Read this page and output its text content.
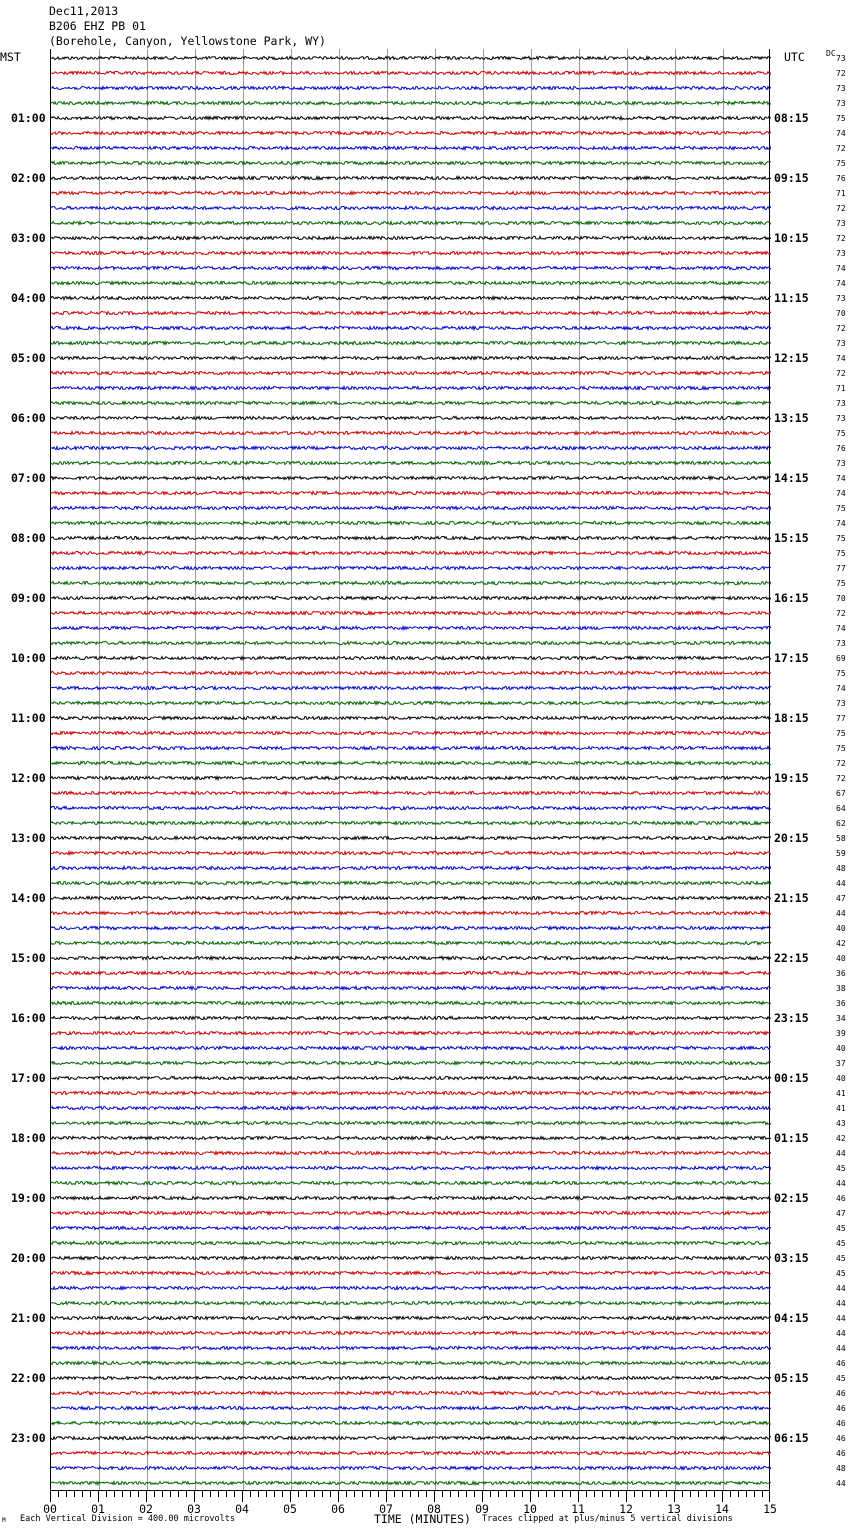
Dec11,2013
B206 EHZ PB 01
(Borehole, Canyon, Yellowstone Park, WY)
MST	UTC	DC
73
72
73
73
75
01:00	08:15
74
72
75
76
02:00	09:15
71
72
73
72
03:00	10:15
73
74
74
73
04:00	11:15
70
72
73
74
05:00	12:15
72
71
73
73
06:00	13:15
75
76
73
74
07:00	14:15
74
75
74
75
08:00	15:15
75
77
75
70
09:00	16:15
72
74
73
69
10:00	17:15
75
74
73
77
11:00	18:15
75
75
72
72
12:00	19:15
67
64
62
58
13:00	20:15
59
48
44
47
14:00	21:15
44
40
42
40
15:00	22:15
36
38
36
34
16:00	23:15
39
40
37
40
17:00	00:15
41
41
43
42
18:00	01:15
44
45
44
46
19:00	02:15
47
45
45
45
20:00	03:15
45
44
44
44
21:00	04:15
44
44
46
45
22:00	05:15
46
46
46
46
23:00	06:15
46
48
44
00	01	02	03	04	05	06	07	08	09	10	11	12	13	14	15
M Each Vertical Division = 400.00 microvolts	TIME (MINUTES) Traces clipped at plus/minus 5 vertical divisions
